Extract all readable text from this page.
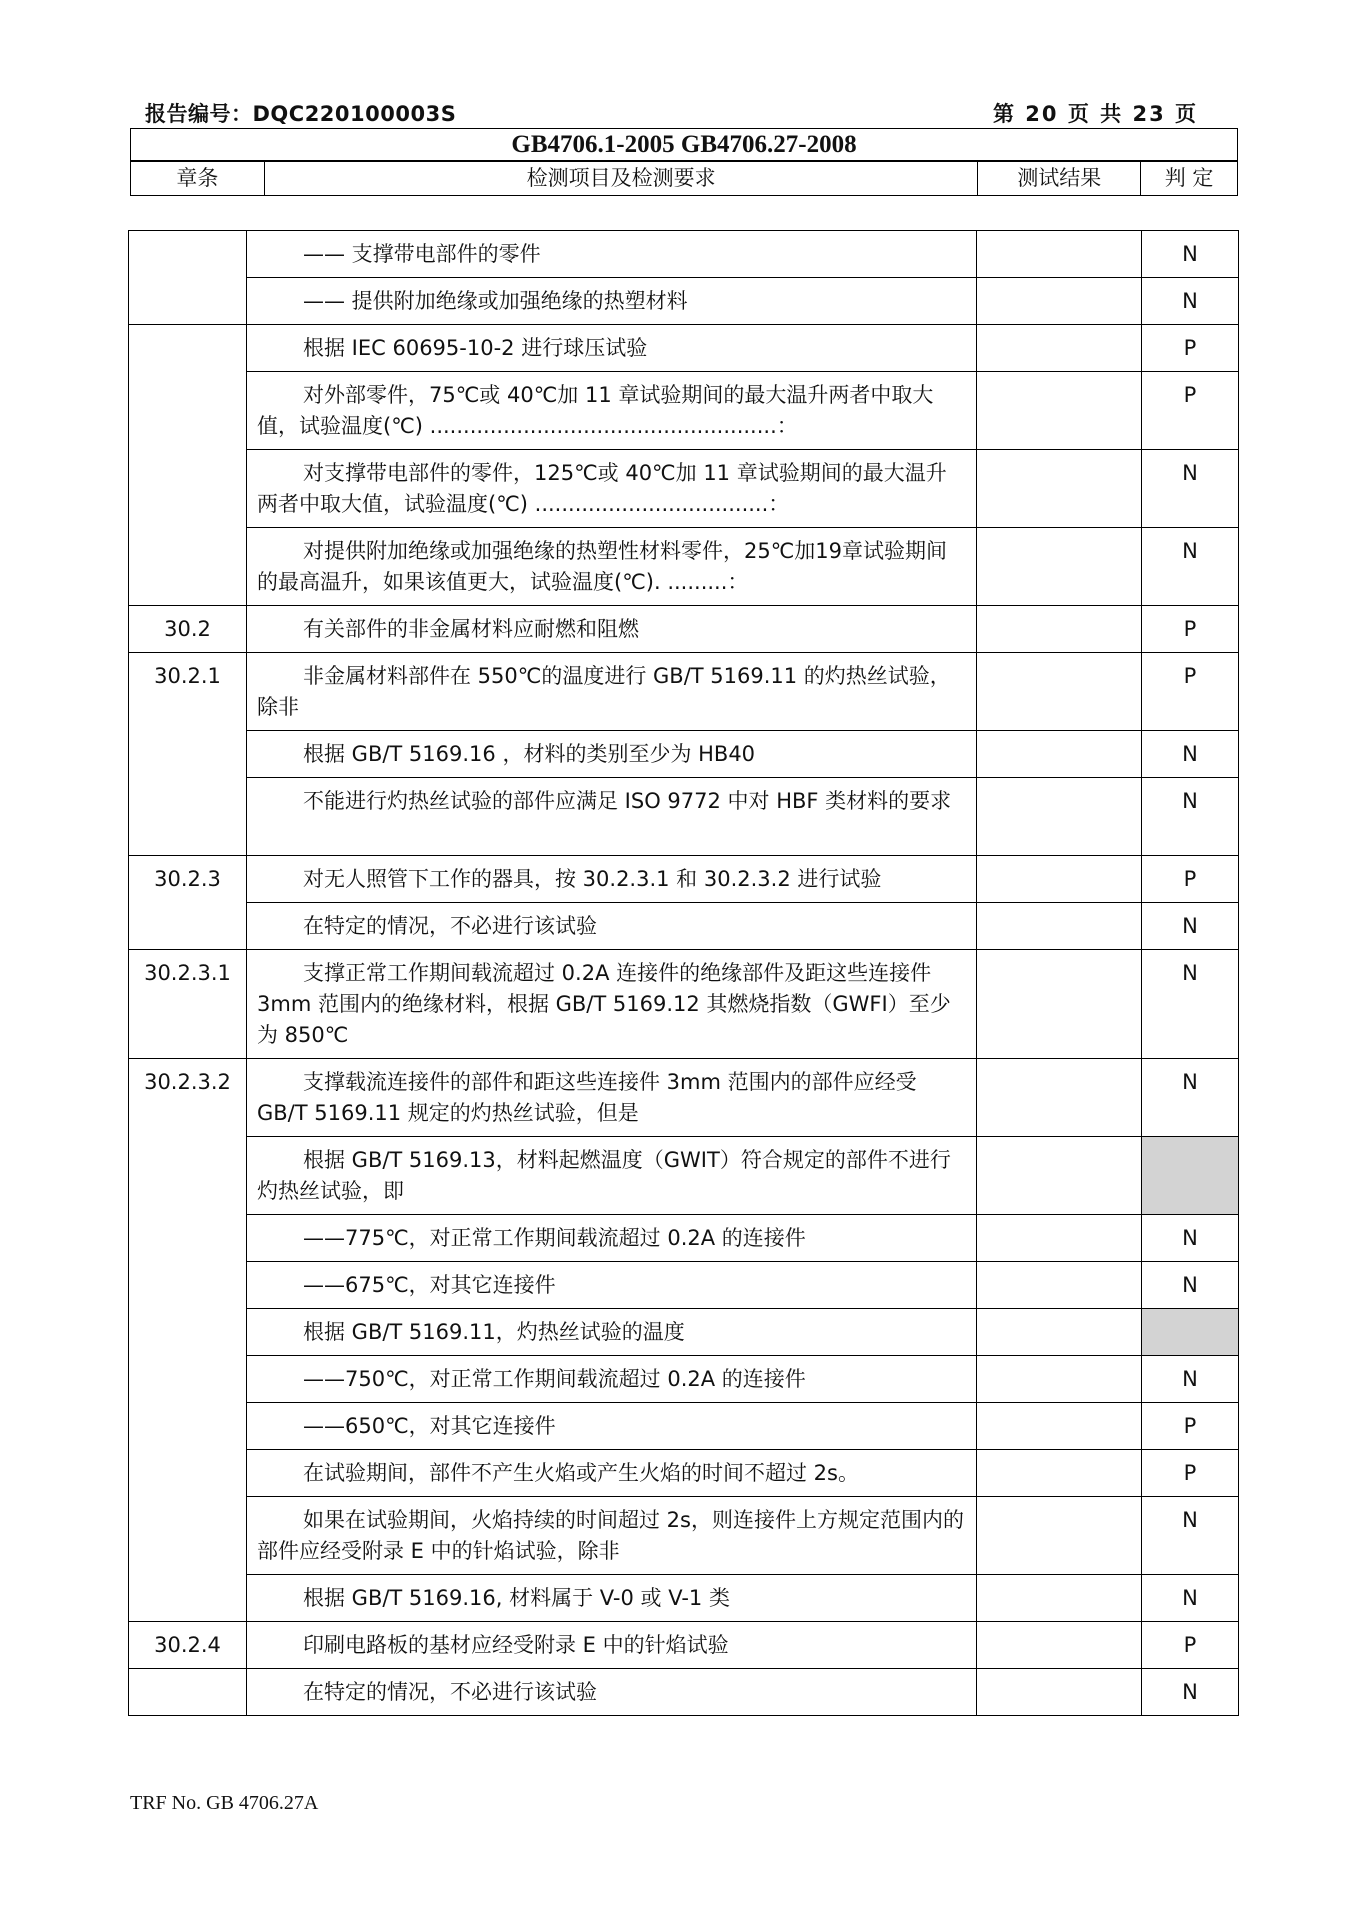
报告编号：DQC220100003S	第 20 页 共 23 页
GB4706.1-2005 GB4706.27-2008
章条	检测项目及检测要求	测试结果	判 定
	—— 支撑带电部件的零件		N
	—— 提供附加绝缘或加强绝缘的热塑材料		N
	根据 IEC 60695-10-2 进行球压试验		P
	对外部零件，75℃或 40℃加 11 章试验期间的最大温升两者中取大值，试验温度(℃) ....................................................：		P
	对支撑带电部件的零件，125℃或 40℃加 11 章试验期间的最大温升两者中取大值，试验温度(℃) ...................................：		N
	对提供附加绝缘或加强绝缘的热塑性材料零件，25℃加19章试验期间的最高温升，如果该值更大，试验温度(℃). .........：		N
30.2	有关部件的非金属材料应耐燃和阻燃		P
30.2.1	非金属材料部件在 550℃的温度进行 GB/T 5169.11 的灼热丝试验，除非		P
	根据 GB/T 5169.16 ，材料的类别至少为 HB40		N
	不能进行灼热丝试验的部件应满足 ISO 9772 中对 HBF 类材料的要求		N
30.2.3	对无人照管下工作的器具，按 30.2.3.1 和 30.2.3.2 进行试验		P
	在特定的情况，不必进行该试验		N
30.2.3.1	支撑正常工作期间载流超过 0.2A 连接件的绝缘部件及距这些连接件 3mm 范围内的绝缘材料，根据 GB/T 5169.12 其燃烧指数（GWFI）至少为 850℃		N
30.2.3.2	支撑载流连接件的部件和距这些连接件 3mm 范围内的部件应经受 GB/T 5169.11 规定的灼热丝试验，但是		N
	根据 GB/T 5169.13，材料起燃温度（GWIT）符合规定的部件不进行灼热丝试验，即		
	——775℃，对正常工作期间载流超过 0.2A 的连接件		N
	——675℃，对其它连接件		N
	根据 GB/T 5169.11，灼热丝试验的温度		
	——750℃，对正常工作期间载流超过 0.2A 的连接件		N
	——650℃，对其它连接件		P
	在试验期间，部件不产生火焰或产生火焰的时间不超过 2s。		P
	如果在试验期间，火焰持续的时间超过 2s，则连接件上方规定范围内的部件应经受附录 E 中的针焰试验，除非		N
	根据 GB/T 5169.16, 材料属于 V-0 或 V-1 类		N
30.2.4	印刷电路板的基材应经受附录 E 中的针焰试验		P
	在特定的情况，不必进行该试验		N
TRF No. GB 4706.27A
